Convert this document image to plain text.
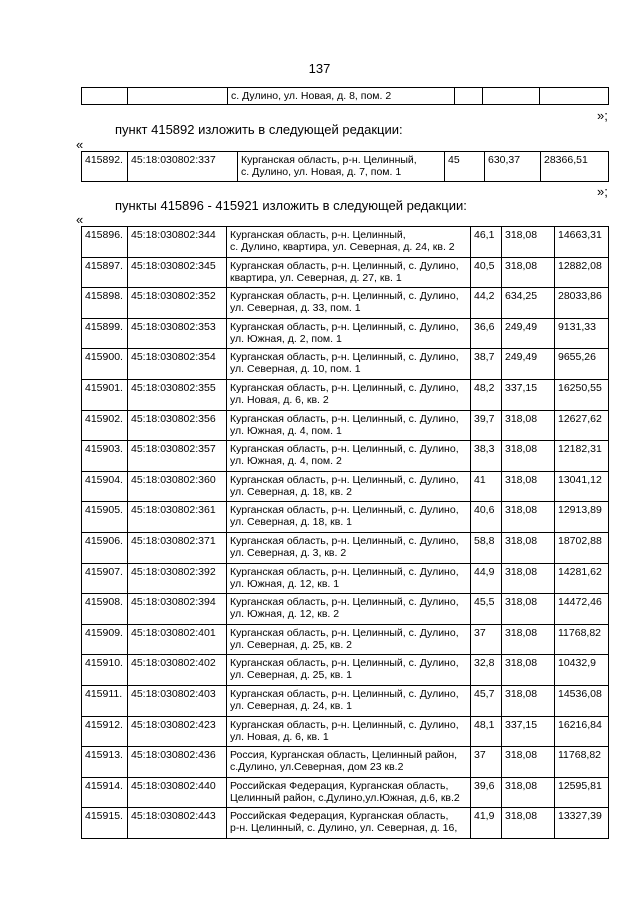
137
		с. Дулино, ул. Новая, д. 8, пом. 2			
»;
пункт 415892 изложить в следующей редакции:
«
415892.	45:18:030802:337	Курганская область, р-н. Целинный,
с. Дулино, ул. Новая, д. 7, пом. 1
	45	630,37	28366,51
»;
пункты 415896 - 415921 изложить в следующей редакции:
«
415896.	45:18:030802:344	Курганская область, р-н. Целинный,
с. Дулино, квартира, ул. Северная, д. 24, кв. 2	46,1	318,08	14663,31
415897.	45:18:030802:345	Курганская область, р-н. Целинный, с. Дулино,
квартира, ул. Северная, д. 27, кв. 1	40,5	318,08	12882,08
415898.	45:18:030802:352	Курганская область, р-н. Целинный, с. Дулино,
ул. Северная, д. 33, пом. 1	44,2	634,25	28033,86
415899.	45:18:030802:353	Курганская область, р-н. Целинный, с. Дулино,
ул. Южная, д. 2, пом. 1	36,6	249,49	9131,33
415900.	45:18:030802:354	Курганская область, р-н. Целинный, с. Дулино,
ул. Северная, д. 10, пом. 1	38,7	249,49	9655,26
415901.	45:18:030802:355	Курганская область, р-н. Целинный, с. Дулино,
ул. Новая, д. 6, кв. 2	48,2	337,15	16250,55
415902.	45:18:030802:356	Курганская область, р-н. Целинный, с. Дулино,
ул. Южная, д. 4, пом. 1	39,7	318,08	12627,62
415903.	45:18:030802:357	Курганская область, р-н. Целинный, с. Дулино,
ул. Южная, д. 4, пом. 2	38,3	318,08	12182,31
415904.	45:18:030802:360	Курганская область, р-н. Целинный, с. Дулино,
ул. Северная, д. 18, кв. 2	41	318,08	13041,12
415905.	45:18:030802:361	Курганская область, р-н. Целинный, с. Дулино,
ул. Северная, д. 18, кв. 1	40,6	318,08	12913,89
415906.	45:18:030802:371	Курганская область, р-н. Целинный, с. Дулино,
ул. Северная, д. 3, кв. 2	58,8	318,08	18702,88
415907.	45:18:030802:392	Курганская область, р-н. Целинный, с. Дулино,
ул. Южная, д. 12, кв. 1	44,9	318,08	14281,62
415908.	45:18:030802:394	Курганская область, р-н. Целинный, с. Дулино,
ул. Южная, д. 12, кв. 2	45,5	318,08	14472,46
415909.	45:18:030802:401	Курганская область, р-н. Целинный, с. Дулино,
ул. Северная, д. 25, кв. 2	37	318,08	11768,82
415910.	45:18:030802:402	Курганская область, р-н. Целинный, с. Дулино,
ул. Северная, д. 25, кв. 1	32,8	318,08	10432,9
415911.	45:18:030802:403	Курганская область, р-н. Целинный, с. Дулино,
ул. Северная, д. 24, кв. 1	45,7	318,08	14536,08
415912.	45:18:030802:423	Курганская область, р-н. Целинный, с. Дулино,
ул. Новая, д. 6, кв. 1	48,1	337,15	16216,84
415913.	45:18:030802:436	Россия, Курганская область, Целинный район,
с.Дулино, ул.Северная, дом 23 кв.2	37	318,08	11768,82
415914.	45:18:030802:440	Российская Федерация, Курганская область,
Целинный район, с.Дулино,ул.Южная, д.6, кв.2	39,6	318,08	12595,81
415915.	45:18:030802:443	Российская Федерация, Курганская область,
р-н. Целинный, с. Дулино, ул. Северная, д. 16,	41,9	318,08	13327,39
